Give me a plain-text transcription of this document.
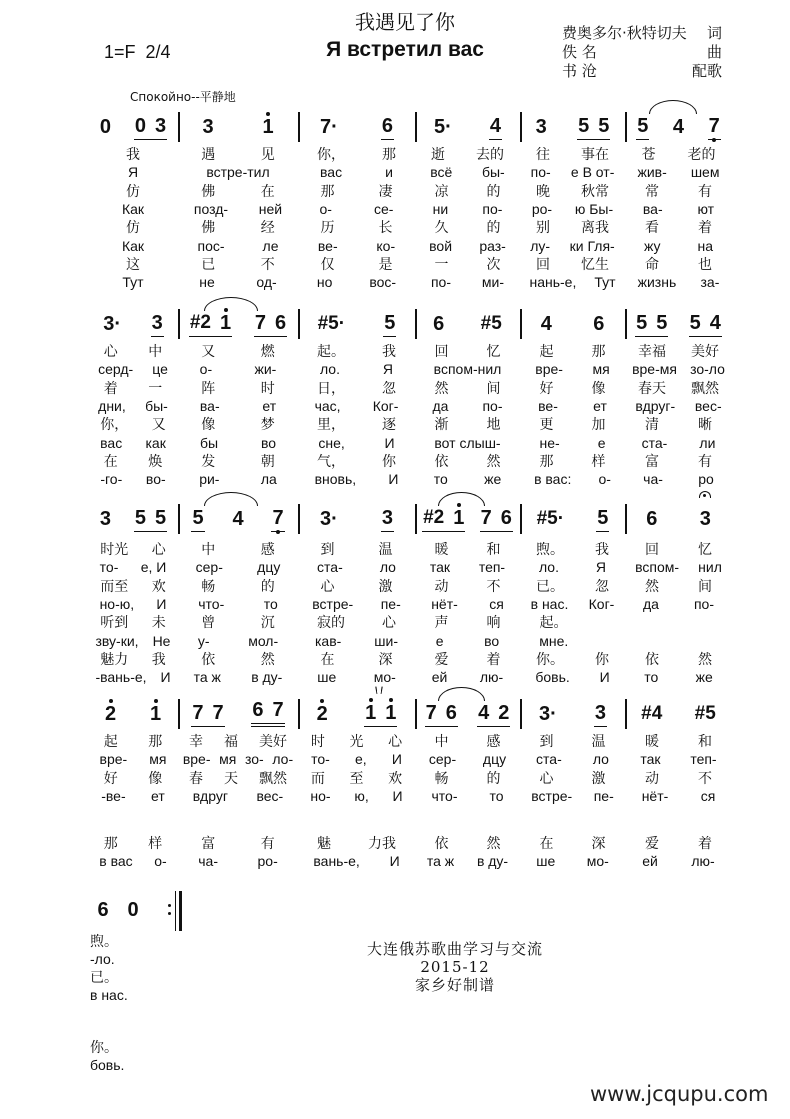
我遇见了你
Я встретил вас
1=F  2/4
费奥多尔·秋特切夫 词
佚 名	曲
书 沧	配歌
Спокойно--平静地
0 0 3
我
Я
仿
Как
仿
Как
这
Тут
3 1
遇	见
встре-тил
佛	在
позд- ней
佛	经
пос-	ле
已	不
не	од-
7· 6
你，	那
вас	и
那	凄
о-	се-
历	长
ве-	ко-
仅	是
но	вос-
5· 4
逝 去的
всё бы-
凉	的
ни по-
久	的
вой раз-
一	次
по- ми-
3 5 5
往 事在
по- е В от-
晚 秋常
ро- ю Бы-
别 离我
лу- ки Гля-
回 忆生
нань-е, Тут
5 4 7
苍 老的
жив- шем
常	有
ва- ют
看	着
жу	на
命	也
жизнь за-
3· 3
心 中
серд- це
着 一
дни, бы-
你， 又
вас как
在 焕
-го- во-
#2 1 7 6
又	燃
о-	жи-
阵	时
ва-	ет
像	梦
бы	во
发	朝
ри-	ла
#5· 5
起。	我
ло.	Я
日，	忽
час, Ког-
里，	逐
сне,	И
气，	你
вновь, И
6 #5
回	忆
вспом-нил
然	间
да по-
渐	地
вот слыш-
依	然
то	же
4 6
起	那
вре- мя
好	像
ве-	ет
更	加
не-	е
那	样
в вас: о-
5 5 5 4
幸福 美好
вре-мя зо-ло
春天 飘然
вдруг- вес-
清	晰
ста- ли
富	有
ча-	ро
3 5 5
时光 心
то- е, И
而至 欢
но-ю, И
听到 未
зву-ки, Не
魅力 我
-вань-е, И
5 4 7
中	感
сер- дцу
畅	的
что-	то
曾	沉
у-	мол-
依	然
та ж в ду-
3· 3
到	温
ста-	ло
心	激
встре- пе-
寂的	心
кав- ши-
在	深
ше	мо-
#2 1 7 6
暖	和
так теп-
动	不
нёт- ся
声	响
е	во
爱	着
ей лю-
#5· 5
煦。 我
ло.	Я
已。 忽
в нас. Ког-
起。
мне.
你。 你
бовь. И
6 3
回	忆
вспом- нил
然	间
да	по-
依	然
то	же
2 1
起 那
вре- мя
好 像
-ве- ет
那 样
в вас о-
7 7 6 7
幸 福 美好
вре- мя зо- ло-
春 天 飘然
вдруг вес-
富	有
ча-	ро-
2 1 1
时 光 心
то- е, И
而 至 欢
но- ю, И
魅	力我
вань-е, И
7 6 4 2
中	感
сер- дцу
畅	的
что- то
依	然
та ж в ду-
3· 3
到	温
ста- ло
心	激
встре- пе-
在	深
ше мо-
#4 #5
暖	和
так теп-
动	不
нёт- ся
爱	着
ей лю-
6 0
煦。
-ло.
已。
в нас.
你。
бовь.
大连俄苏歌曲学习与交流
2015-12
家乡好制谱
www.jcqupu.com
